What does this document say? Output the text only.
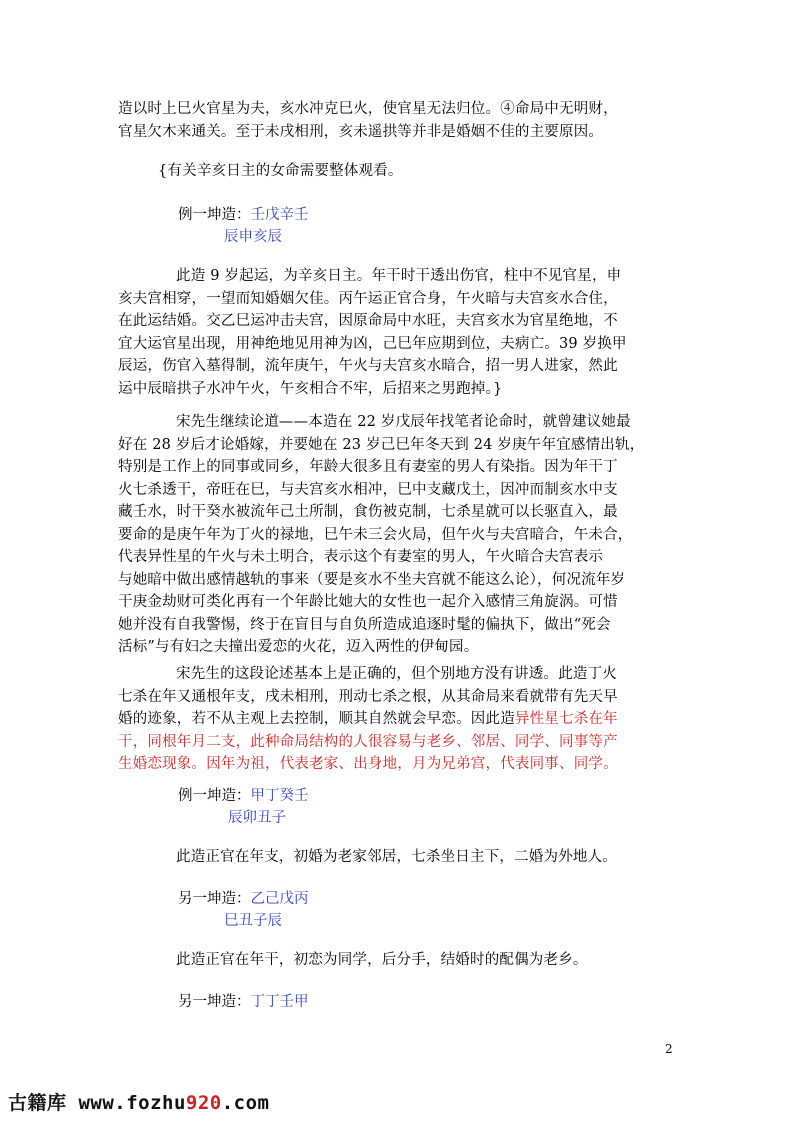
造以时上巳火官星为夫，亥水冲克巳火，使官星无法归位。④命局中无明财，
官星欠木来通关。至于未戌相刑，亥未遥拱等并非是婚姻不佳的主要原因。
{有关辛亥日主的女命需要整体观看。
例一坤造：壬戊辛壬
辰申亥辰
此造 9 岁起运，为辛亥日主。年干时干透出伤官，柱中不见官星，申
亥夫宫相穿，一望而知婚姻欠佳。丙午运正官合身，午火暗与夫宫亥水合住，
在此运结婚。交乙巳运冲击夫宫，因原命局中水旺，夫宫亥水为官星绝地，不
宜大运官星出现，用神绝地见用神为凶，己巳年应期到位，夫病亡。39 岁换甲
辰运，伤官入墓得制，流年庚午，午火与夫宫亥水暗合，招一男人进家，然此
运中辰暗拱子水冲午火，午亥相合不牢，后招来之男跑掉。}
宋先生继续论道——本造在 22 岁戊辰年找笔者论命时，就曾建议她最
好在 28 岁后才论婚嫁，并要她在 23 岁己巳年冬天到 24 岁庚午年宜感情出轨，
特别是工作上的同事或同乡，年龄大很多且有妻室的男人有染指。因为年干丁
火七杀透干，帝旺在巳，与夫宫亥水相冲，巳中支藏戊土，因冲而制亥水中支
藏壬水，时干癸水被流年己土所制，食伤被克制，七杀星就可以长驱直入，最
要命的是庚午年为丁火的禄地，巳午未三会火局，但午火与夫宫暗合，午未合，
代表异性星的午火与未土明合，表示这个有妻室的男人，午火暗合夫宫表示
与她暗中做出感情越轨的事来（要是亥水不坐夫宫就不能这么论），何况流年岁
干庚金劫财可类化再有一个年龄比她大的女性也一起介入感情三角旋涡。可惜
她并没有自我警惕，终于在盲目与自负所造成追逐时髦的偏执下，做出“死会
活标”与有妇之夫撞出爱恋的火花，迈入两性的伊甸园。
宋先生的这段论述基本上是正确的，但个别地方没有讲透。此造丁火
七杀在年又通根年支，戌未相刑，刑动七杀之根，从其命局来看就带有先天早
婚的迹象，若不从主观上去控制，顺其自然就会早恋。因此造异性星七杀在年
干，同根年月二支，此种命局结构的人很容易与老乡、邻居、同学、同事等产
生婚恋现象。因年为祖，代表老家、出身地，月为兄弟宫，代表同事、同学。
例一坤造：甲丁癸壬
辰卯丑子
此造正官在年支，初婚为老家邻居，七杀坐日主下，二婚为外地人。
另一坤造：乙己戊丙
巳丑子辰
此造正官在年干，初恋为同学，后分手，结婚时的配偶为老乡。
另一坤造：丁丁壬甲
2
古籍库 www.fozhu920.com
